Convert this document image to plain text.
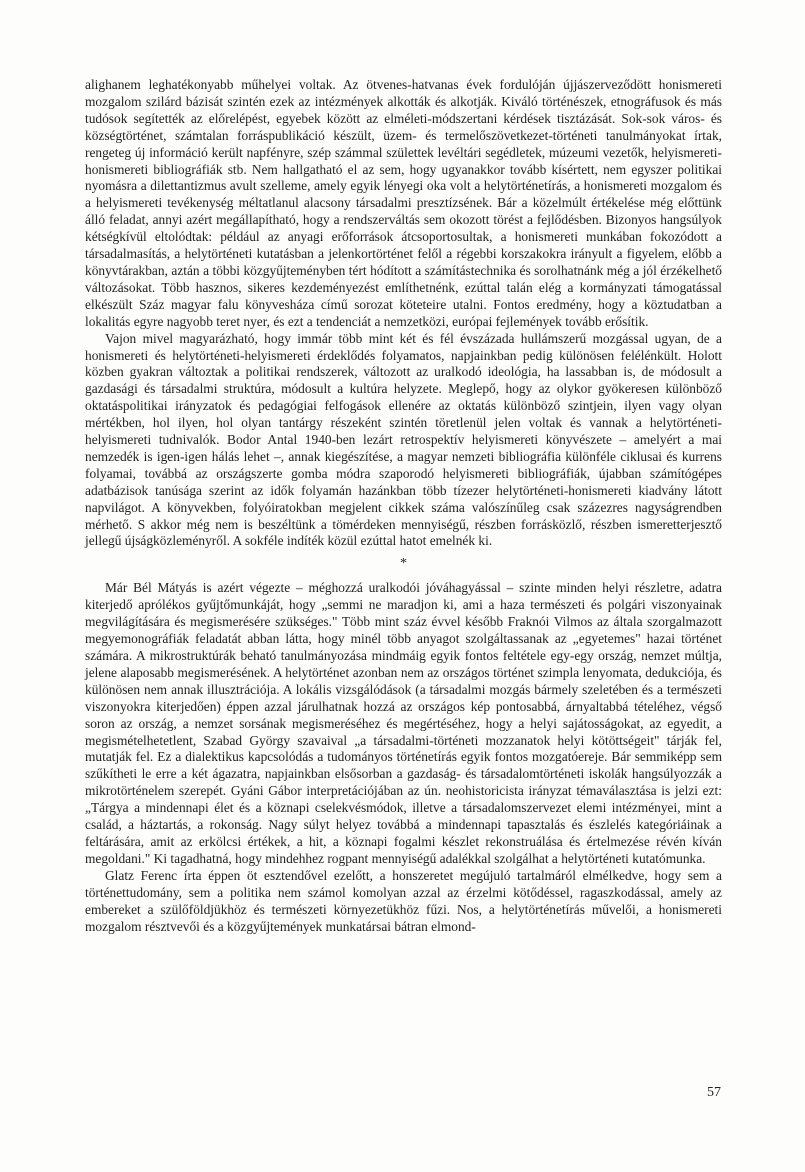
alighanem leghatékonyabb műhelyei voltak. Az ötvenes-hatvanas évek fordulóján újjászerveződött honismereti mozgalom szilárd bázisát szintén ezek az intézmények alkották és alkotják. Kiváló történészek, etnográfusok és más tudósok segítették az előrelépést, egyebek között az elméleti-módszertani kérdések tisztázását. Sok-sok város- és községtörténet, számtalan forráspublikáció készült, üzem- és termelőszövetkezet-történeti tanulmányokat írtak, rengeteg új információ került napfényre, szép számmal születtek levéltári segédletek, múzeumi vezetők, helyismereti-honismereti bibliográfiák stb. Nem hallgatható el az sem, hogy ugyanakkor tovább kísértett, nem egyszer politikai nyomásra a dilettantizmus avult szelleme, amely egyik lényegi oka volt a helytörténetírás, a honismereti mozgalom és a helyismereti tevékenység méltatlanul alacsony társadalmi presztízsének. Bár a közelmúlt értékelése még előttünk álló feladat, annyi azért megállapítható, hogy a rendszerváltás sem okozott törést a fejlődésben. Bizonyos hangsúlyok kétségkívül eltolódtak: például az anyagi erőforrások átcsoportosultak, a honismereti munkában fokozódott a társadalmasítás, a helytörténeti kutatásban a jelenkortörténet felől a régebbi korszakokra irányult a figyelem, előbb a könyvtárakban, aztán a többi közgyűjteményben tért hódított a számítástechnika és sorolhatnánk még a jól érzékelhető változásokat. Több hasznos, sikeres kezdeményezést említhetnénk, ezúttal talán elég a kormányzati támogatással elkészült Száz magyar falu könyvesháza című sorozat köteteire utalni. Fontos eredmény, hogy a köztudatban a lokalitás egyre nagyobb teret nyer, és ezt a tendenciát a nemzetközi, európai fejlemények tovább erősítik.

Vajon mivel magyarázható, hogy immár több mint két és fél évszázada hullámszerű mozgással ugyan, de a honismereti és helytörténeti-helyismereti érdeklődés folyamatos, napjainkban pedig különösen felélénkült. Holott közben gyakran változtak a politikai rendszerek, változott az uralkodó ideológia, ha lassabban is, de módosult a gazdasági és társadalmi struktúra, módosult a kultúra helyzete. Meglepő, hogy az olykor gyökeresen különböző oktatáspolitikai irányzatok és pedagógiai felfogások ellenére az oktatás különböző szintjein, ilyen vagy olyan mértékben, hol ilyen, hol olyan tantárgy részeként szintén töretlenül jelen voltak és vannak a helytörténeti-helyismereti tudnivalók. Bodor Antal 1940-ben lezárt retrospektív helyismereti könyvészete – amelyért a mai nemzedék is igen-igen hálás lehet –, annak kiegészítése, a magyar nemzeti bibliográfia különféle ciklusai és kurrens folyamai, továbbá az országszerte gomba módra szaporodó helyismereti bibliográfiák, újabban számítógépes adatbázisok tanúsága szerint az idők folyamán hazánkban több tízezer helytörténeti-honismereti kiadvány látott napvilágot. A könyvekben, folyóiratokban megjelent cikkek száma valószínűleg csak százezres nagyságrendben mérhető. S akkor még nem is beszéltünk a tömérdeken mennyiségű, részben forrásközlő, részben ismeretterjesztő jellegű újságközleményről. A sokféle indíték közül ezúttal hatot emelnék ki.

*

Már Bél Mátyás is azért végezte – méghozzá uralkodói jóváhagyással – szinte minden helyi részletre, adatra kiterjedő aprólékos gyűjtőmunkáját, hogy „semmi ne maradjon ki, ami a haza természeti és polgári viszonyainak megvilágítására és megismerésére szükséges." Több mint száz évvel később Fraknói Vilmos az általa szorgalmazott megyemonográfiák feladatát abban látta, hogy minél több anyagot szolgáltassanak az „egyetemes" hazai történet számára. A mikrostruktúrák beható tanulmányozása mindmáig egyik fontos feltétele egy-egy ország, nemzet múltja, jelene alaposabb megismerésének. A helytörténet azonban nem az országos történet szimpla lenyomata, dedukciója, és különösen nem annak illusztrációja. A lokális vizsgálódások (a társadalmi mozgás bármely szeletében és a természeti viszonyokra kiterjedően) éppen azzal járulhatnak hozzá az országos kép pontosabbá, árnyaltabbá tételéhez, végső soron az ország, a nemzet sorsának megismeréséhez és megértéséhez, hogy a helyi sajátosságokat, az egyedit, a megismételhetetlent, Szabad György szavaival „a társadalmi-történeti mozzanatok helyi kötöttségeit" tárják fel, mutatják fel. Ez a dialektikus kapcsolódás a tudományos történetírás egyik fontos mozgatóereje. Bár semmiképp sem szűkítheti le erre a két ágazatra, napjainkban elsősorban a gazdaság- és társadalomtörténeti iskolák hangsúlyozzák a mikrotörténelem szerepét. Gyáni Gábor interpretációjában az ún. neohistoricista irányzat témaválasztása is jelzi ezt: „Tárgya a mindennapi élet és a köznapi cselekvésmódok, illetve a társadalomszervezet elemi intézményei, mint a család, a háztartás, a rokonság. Nagy súlyt helyez továbbá a mindennapi tapasztalás és észlelés kategóriáinak a feltárására, amit az erkölcsi értékek, a hit, a köznapi fogalmi készlet rekonstruálása és értelmezése révén kíván megoldani." Ki tagadhatná, hogy mindehhez rogpant mennyiségű adalékkal szolgálhat a helytörténeti kutatómunka.

Glatz Ferenc írta éppen öt esztendővel ezelőtt, a honszeretet megújuló tartalmáról elmélkedve, hogy sem a történettudomány, sem a politika nem számol komolyan azzal az érzelmi kötődéssel, ragaszkodással, amely az embereket a szülőföldjükhöz és természeti környezetükhöz fűzi. Nos, a helytörténetírás művelői, a honismereti mozgalom résztvevői és a közgyűjtemények munkatársai bátran elmond-

57
